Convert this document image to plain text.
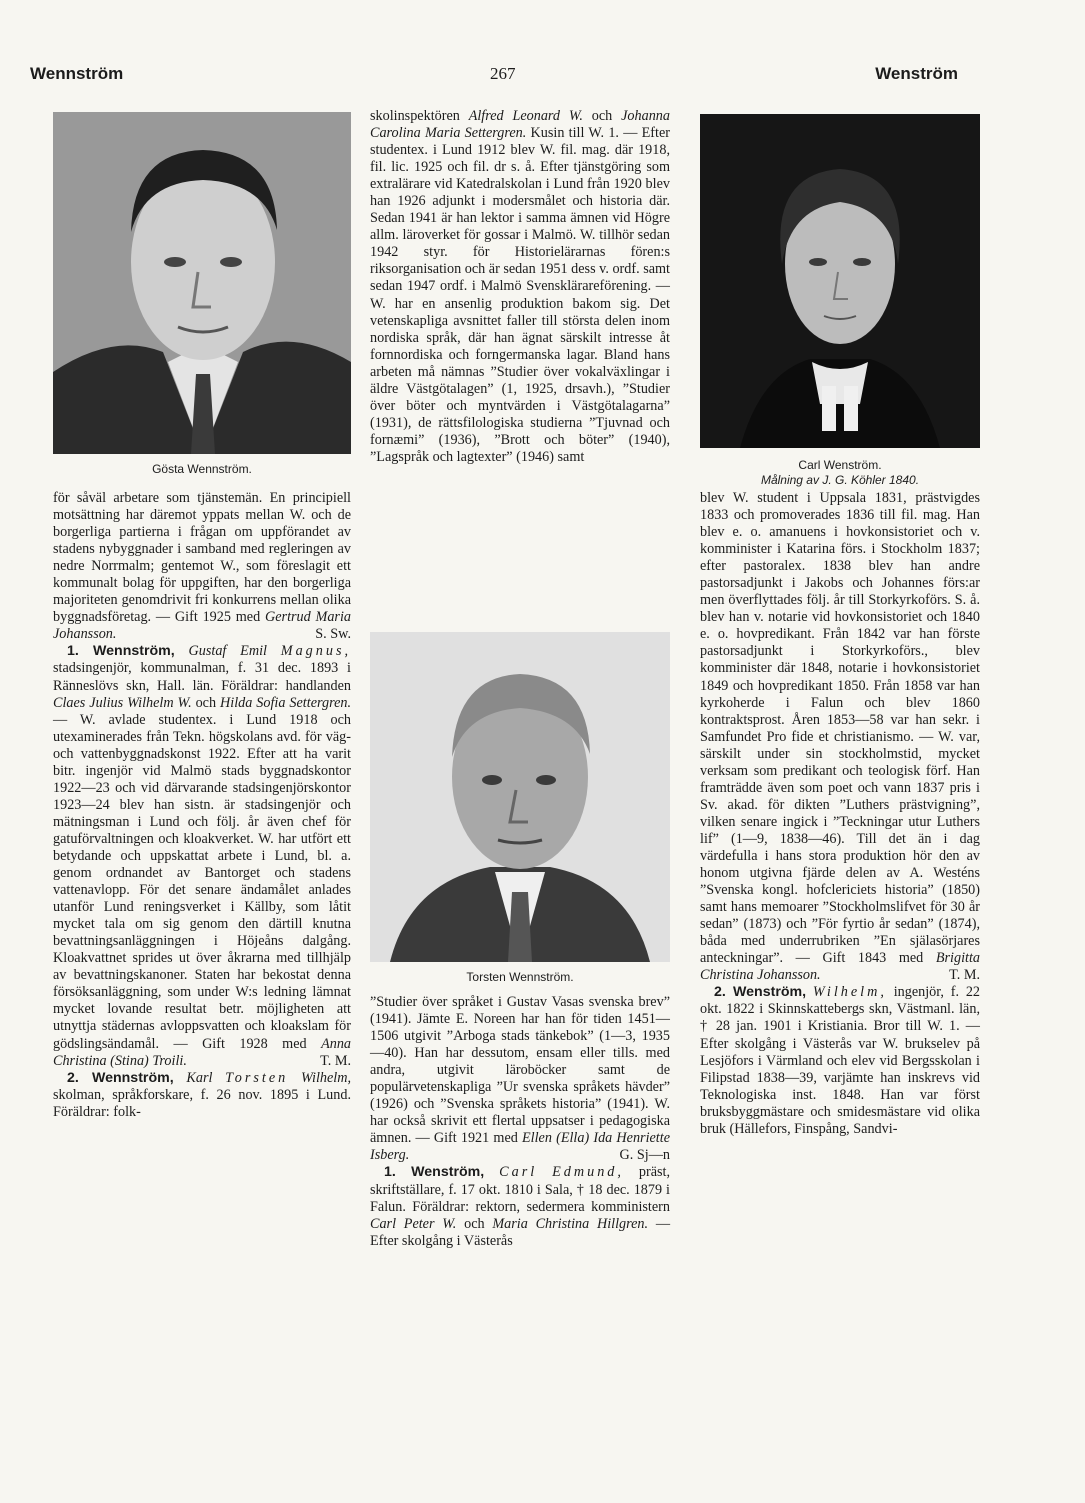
Wennström	267	Wenström
Gösta Wennström.

för såväl arbetare som tjänstemän. En principiell motsättning har däremot yppats mellan W. och de borgerliga partierna i frågan om uppförandet av stadens nybyggnader i samband med regleringen av nedre Norrmalm; gentemot W., som föreslagit ett kommunalt bolag för uppgiften, har den borgerliga majoriteten genomdrivit fri konkurrens mellan olika byggnadsföretag. — Gift 1925 med Gertrud Maria Johansson.	S. Sw.

1. Wennström, Gustaf Emil Magnus, stadsingenjör, kommunalman, f. 31 dec. 1893 i Ränneslövs skn, Hall. län. Föräldrar: handlanden Claes Julius Wilhelm W. och Hilda Sofia Settergren. — W. avlade studentex. i Lund 1918 och utexaminerades från Tekn. högskolans avd. för väg- och vattenbyggnadskonst 1922. Efter att ha varit bitr. ingenjör vid Malmö stads byggnadskontor 1922—23 och vid därvarande stadsingenjörskontor 1923—24 blev han sistn. är stadsingenjör och mätningsman i Lund och följ. år även chef för gatuförvaltningen och kloakverket. W. har utfört ett betydande och uppskattat arbete i Lund, bl. a. genom ordnandet av Bantorget och stadens vattenavlopp. För det senare ändamålet anlades utanför Lund reningsverket i Källby, som låtit mycket tala om sig genom den därtill knutna bevattningsanläggningen i Höjeåns dalgång. Kloakvattnet sprides ut över åkrarna med tillhjälp av bevattningskanoner. Staten har bekostat denna försöksanläggning, som under W:s ledning lämnat mycket lovande resultat betr. möjligheten att utnyttja städernas avloppsvatten och kloakslam för gödslingsändamål. — Gift 1928 med Anna Christina (Stina) Troili.	T. M.

2. Wennström, Karl Torsten Wilhelm, skolman, språkforskare, f. 26 nov. 1895 i Lund. Föräldrar: folk-

skolinspektören Alfred Leonard W. och Johanna Carolina Maria Settergren. Kusin till W. 1. — Efter studentex. i Lund 1912 blev W. fil. mag. där 1918, fil. lic. 1925 och fil. dr s. å. Efter tjänstgöring som extralärare vid Katedralskolan i Lund från 1920 blev han 1926 adjunkt i modersmålet och historia där. Sedan 1941 är han lektor i samma ämnen vid Högre allm. läroverket för gossar i Malmö. W. tillhör sedan 1942 styr. för Historielärarnas fören:s riksorganisation och är sedan 1951 dess v. ordf. samt sedan 1947 ordf. i Malmö Svensklärareförening. — W. har en ansenlig produktion bakom sig. Det vetenskapliga avsnittet faller till största delen inom nordiska språk, där han ägnat särskilt intresse åt fornnordiska och forngermanska lagar. Bland hans arbeten må nämnas ”Studier över vokalväxlingar i äldre Västgötalagen” (1, 1925, drsavh.), ”Studier över böter och myntvärden i Västgötalagarna” (1931), de rättsfilologiska studierna ”Tjuvnad och fornæmi” (1936), ”Brott och böter” (1940), ”Lagspråk och lagtexter” (1946) samt

Torsten Wennström.

”Studier över språket i Gustav Vasas svenska brev” (1941). Jämte E. Noreen har han för tiden 1451—1506 utgivit ”Arboga stads tänkebok” (1—3, 1935—40). Han har dessutom, ensam eller tills. med andra, utgivit läroböcker samt de populärvetenskapliga ”Ur svenska språkets hävder” (1926) och ”Svenska språkets historia” (1941). W. har också skrivit ett flertal uppsatser i pedagogiska ämnen. — Gift 1921 med Ellen (Ella) Ida Henriette Isberg.	G. Sj—n

1. Wenström, Carl Edmund, präst, skriftställare, f. 17 okt. 1810 i Sala, † 18 dec. 1879 i Falun. Föräldrar: rektorn, sedermera komministern Carl Peter W. och Maria Christina Hillgren. — Efter skolgång i Västerås

Carl Wenström.
Målning av J. G. Köhler 1840.

blev W. student i Uppsala 1831, prästvigdes 1833 och promoverades 1836 till fil. mag. Han blev e. o. amanuens i hovkonsistoriet och v. komminister i Katarina förs. i Stockholm 1837; efter pastoralex. 1838 blev han andre pastorsadjunkt i Jakobs och Johannes förs:ar men överflyttades följ. år till Storkyrkoförs. S. å. blev han v. notarie vid hovkonsistoriet och 1840 e. o. hovpredikant. Från 1842 var han förste pastorsadjunkt i Storkyrkoförs., blev komminister där 1848, notarie i hovkonsistoriet 1849 och hovpredikant 1850. Från 1858 var han kyrkoherde i Falun och blev 1860 kontraktsprost. Åren 1853—58 var han sekr. i Samfundet Pro fide et christianismo. — W. var, särskilt under sin stockholmstid, mycket verksam som predikant och teologisk förf. Han framträdde även som poet och vann 1837 pris i Sv. akad. för dikten ”Luthers prästvigning”, vilken senare ingick i ”Teckningar utur Luthers lif” (1—9, 1838—46). Till det än i dag värdefulla i hans stora produktion hör den av honom utgivna fjärde delen av A. Westéns ”Svenska kongl. hofclericiets historia” (1850) samt hans memoarer ”Stockholmslifvet för 30 år sedan” (1873) och ”För fyrtio år sedan” (1874), båda med underrubriken ”En själasörjares anteckningar”. — Gift 1843 med Brigitta Christina Johansson.	T. M.

2. Wenström, Wilhelm, ingenjör, f. 22 okt. 1822 i Skinnskattebergs skn, Västmanl. län, † 28 jan. 1901 i Kristiania. Bror till W. 1. — Efter skolgång i Västerås var W. brukselev på Lesjöfors i Värmland och elev vid Bergsskolan i Filipstad 1838—39, varjämte han inskrevs vid Teknologiska inst. 1848. Han var först bruksbyggmästare och smidesmästare vid olika bruk (Hällefors, Finspång, Sandvi-
